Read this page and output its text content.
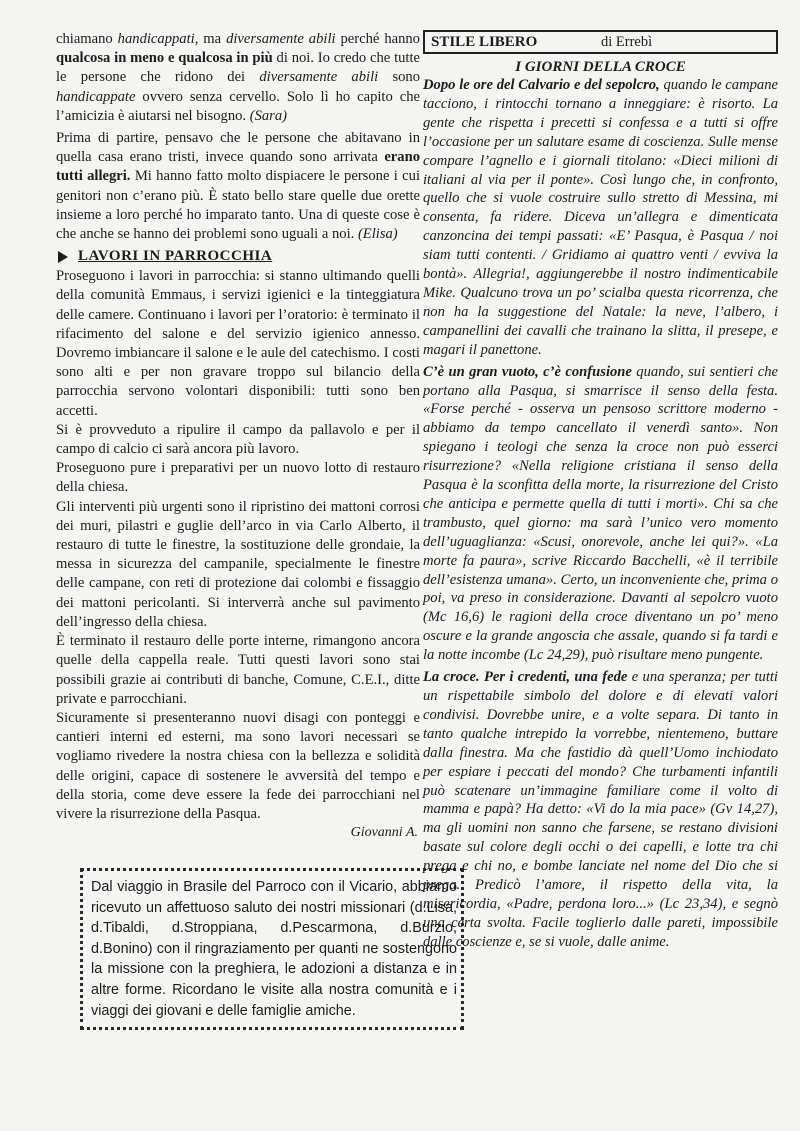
chiamano handicappati, ma diversamente abili perché hanno qualcosa in meno e qualcosa in più di noi. Io credo che tutte le persone che ridono dei diversamente abili sono handicappate ovvero senza cervello. Solo lì ho capito che l’amicizia è aiutarsi nel bisogno. (Sara)

Prima di partire, pensavo che le persone che abitavano in quella casa erano tristi, invece quando sono arrivata erano tutti allegri. Mi hanno fatto molto dispiacere le persone i cui genitori non c’erano più. È stato bello stare quelle due orette insieme a loro perché ho imparato tanto. Una di queste cose è che anche se hanno dei problemi sono uguali a noi. (Elisa)

LAVORI IN PARROCCHIA

Proseguono i lavori in parrocchia: si stanno ultimando quelli della comunità Emmaus, i servizi igienici e la tinteggiatura delle camere. Continuano i lavori per l’oratorio: è terminato il rifacimento del salone e del servizio igienico annesso. Dovremo imbiancare il salone e le aule del catechismo. I costi sono alti e per non gravare troppo sul bilancio della parrocchia servono volontari disponibili: tutti sono ben accetti.

Si è provveduto a ripulire il campo da pallavolo e per il campo di calcio ci sarà ancora più lavoro.

Proseguono pure i preparativi per un nuovo lotto di restauro della chiesa.

Gli interventi più urgenti sono il ripristino dei mattoni corrosi dei muri, pilastri e guglie dell’arco in via Carlo Alberto, il restauro di tutte le finestre, la sostituzione delle grondaie, la messa in sicurezza del campanile, specialmente le finestre delle campane, con reti di protezione dai colombi e fissaggio dei mattoni pericolanti. Si interverrà anche sul pavimento dell’ingresso della chiesa.

È terminato il restauro delle porte interne, rimangono ancora quelle della cappella reale. Tutti questi lavori sono stai possibili grazie ai contributi di banche, Comune, C.E.I., ditte private e parrocchiani.

Sicuramente si presenteranno nuovi disagi con ponteggi e cantieri interni ed esterni, ma sono lavori necessari se vogliamo rivedere la nostra chiesa con la bellezza e solidità delle origini, capace di sostenere le avversità del tempo e della storia, come deve essere la fede dei parrocchiani nel vivere la risurrezione della Pasqua.

Giovanni A.

Dal viaggio in Brasile del Parroco con il Vicario, abbiamo ricevuto un affettuoso saluto dei nostri missionari (d.Lisa, d.Tibaldi, d.Stroppiana, d.Pescarmona, d.Burzio, d.Bonino) con il ringraziamento per quanti ne sostengono la missione con la preghiera, le adozioni a distanza e in altre forme. Ricordano le visite alla nostra comunità e i viaggi dei giovani e delle famiglie amiche.

STILE LIBERO	di Errebì

I GIORNI DELLA CROCE

Dopo le ore del Calvario e del sepolcro, quando le campane tacciono, i rintocchi tornano a inneggiare: è risorto. La gente che rispetta i precetti si confessa e a tutti si offre l’occasione per un salutare esame di coscienza. Sulle mense compare l’agnello e i giornali titolano: «Dieci milioni di italiani al via per il ponte». Così lungo che, in confronto, quello che si vuole costruire sullo stretto di Messina, mi consenta, fa ridere. Diceva un’allegra e dimenticata canzoncina dei tempi passati: «E’ Pasqua, è Pasqua / noi siam tutti contenti. / Gridiamo ai quattro venti / evviva la bontà». Allegria!, aggiungerebbe il nostro indimenticabile Mike. Qualcuno trova un po’ scialba questa ricorrenza, che non ha la suggestione del Natale: la neve, l’albero, i campanellini dei cavalli che trainano la slitta, il presepe, e magari il panettone.

C’è un gran vuoto, c’è confusione quando, sui sentieri che portano alla Pasqua, si smarrisce il senso della festa. «Forse perché - osserva un pensoso scrittore moderno - abbiamo da tempo cancellato il venerdì santo». Non spiegano i teologi che senza la croce non può esserci risurrezione? «Nella religione cristiana il senso della Pasqua è la sconfitta della morte, la risurrezione del Cristo che anticipa e permette quella di tutti i morti». Chi sa che trambusto, quel giorno: ma sarà l’unico vero momento dell’uguaglianza: «Scusi, onorevole, anche lei qui?». «La morte fa paura», scrive Riccardo Bacchelli, «è il terribile dell’esistenza umana». Certo, un inconveniente che, prima o poi, va preso in considerazione. Davanti al sepolcro vuoto (Mc 16,6) le ragioni della croce diventano un po’ meno oscure e la grande angoscia che assale, quando si fa tardi e la notte incombe (Lc 24,29), può risultare meno pungente.

La croce. Per i credenti, una fede e una speranza; per tutti un rispettabile simbolo del dolore e di elevati valori condivisi. Dovrebbe unire, e a volte separa. Di tanto in tanto qualche intrepido la vorrebbe, nientemeno, buttare dalla finestra. Ma che fastidio dà quell’Uomo inchiodato per espiare i peccati del mondo? Che turbamenti infantili può scatenare un’immagine familiare come il volto di mamma e papà? Ha detto: «Vi do la mia pace» (Gv 14,27), ma gli uomini non sanno che farsene, se restano divisioni basate sul colore degli occhi o dei capelli, e lotte tra chi prega e chi no, e bombe lanciate nel nome del Dio che si prega. Predicò l’amore, il rispetto della vita, la misericordia, «Padre, perdona loro...» (Lc 23,34), e segnò una certa svolta. Facile toglierlo dalle pareti, impossibile dalle coscienze e, se si vuole, dalle anime.
